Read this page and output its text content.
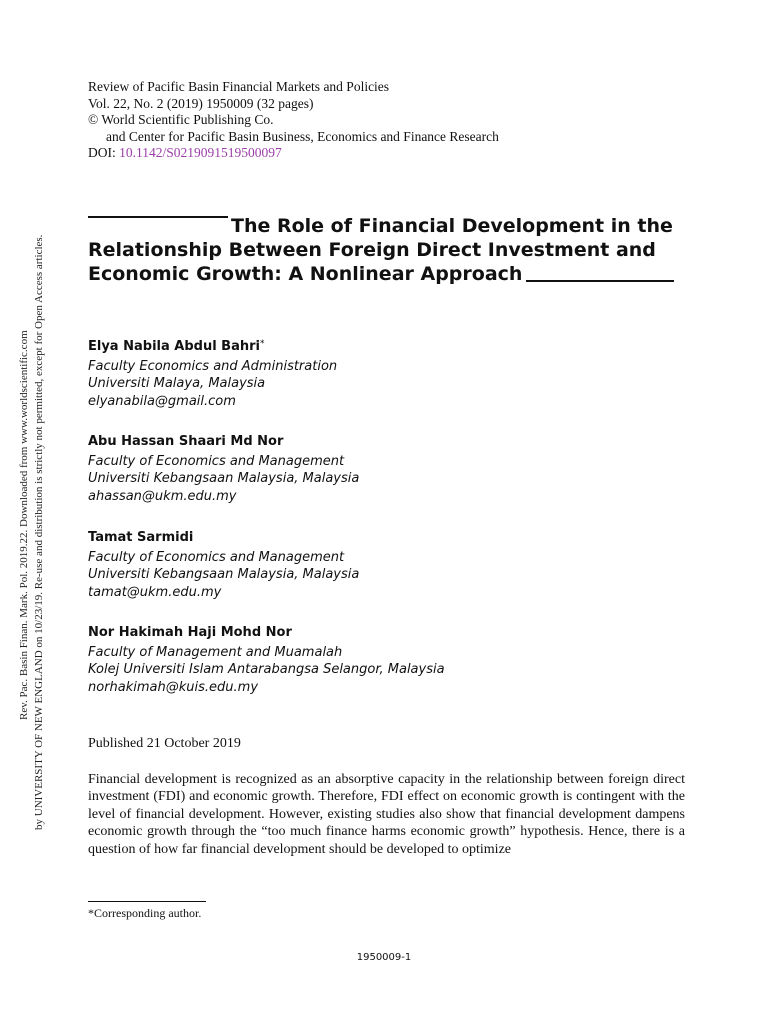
Rev. Pac. Basin Finan. Mark. Pol. 2019.22. Downloaded from www.worldscientific.com by UNIVERSITY OF NEW ENGLAND on 10/23/19. Re-use and distribution is strictly not permitted, except for Open Access articles.
Review of Pacific Basin Financial Markets and Policies
Vol. 22, No. 2 (2019) 1950009 (32 pages)
© World Scientific Publishing Co.
and Center for Pacific Basin Business, Economics and Finance Research
DOI: 10.1142/S0219091519500097
The Role of Financial Development in the
Relationship Between Foreign Direct Investment and
Economic Growth: A Nonlinear Approach
Elya Nabila Abdul Bahri*
Faculty Economics and Administration
Universiti Malaya, Malaysia
elyanabila@gmail.com
Abu Hassan Shaari Md Nor
Faculty of Economics and Management
Universiti Kebangsaan Malaysia, Malaysia
ahassan@ukm.edu.my
Tamat Sarmidi
Faculty of Economics and Management
Universiti Kebangsaan Malaysia, Malaysia
tamat@ukm.edu.my
Nor Hakimah Haji Mohd Nor
Faculty of Management and Muamalah
Kolej Universiti Islam Antarabangsa Selangor, Malaysia
norhakimah@kuis.edu.my
Published 21 October 2019
Financial development is recognized as an absorptive capacity in the relationship between foreign direct investment (FDI) and economic growth. Therefore, FDI effect on economic growth is contingent with the level of financial development. However, existing studies also show that financial development dampens economic growth through the “too much finance harms economic growth” hypothesis. Hence, there is a question of how far financial development should be developed to optimize
*Corresponding author.
1950009-1
